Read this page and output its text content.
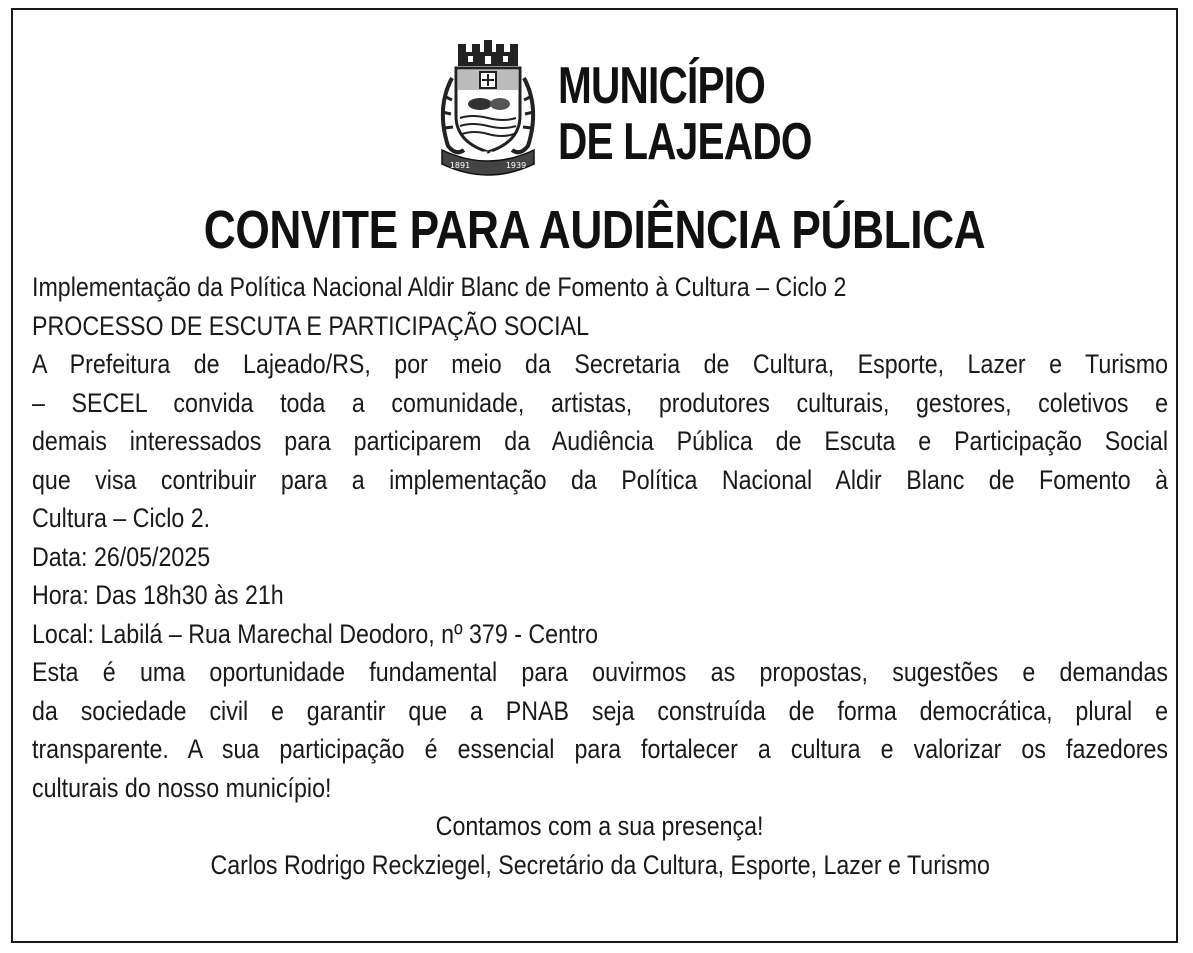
LAJEADO
1891	1939
MUNICÍPIO
DE LAJEADO
CONVITE PARA AUDIÊNCIA PÚBLICA
Implementação da Política Nacional Aldir Blanc de Fomento à Cultura – Ciclo 2
PROCESSO DE ESCUTA E PARTICIPAÇÃO SOCIAL
A Prefeitura de Lajeado/RS, por meio da Secretaria de Cultura, Esporte, Lazer e Turismo
– SECEL convida toda a comunidade, artistas, produtores culturais, gestores, coletivos e
demais interessados para participarem da Audiência Pública de Escuta e Participação Social
que visa contribuir para a implementação da Política Nacional Aldir Blanc de Fomento à
Cultura – Ciclo 2.
Data: 26/05/2025
Hora: Das 18h30 às 21h
Local: Labilá – Rua Marechal Deodoro, nº 379 - Centro
Esta é uma oportunidade fundamental para ouvirmos as propostas, sugestões e demandas
da sociedade civil e garantir que a PNAB seja construída de forma democrática, plural e
transparente. A sua participação é essencial para fortalecer a cultura e valorizar os fazedores
culturais do nosso município!
Contamos com a sua presença!
Carlos Rodrigo Reckziegel, Secretário da Cultura, Esporte, Lazer e Turismo
